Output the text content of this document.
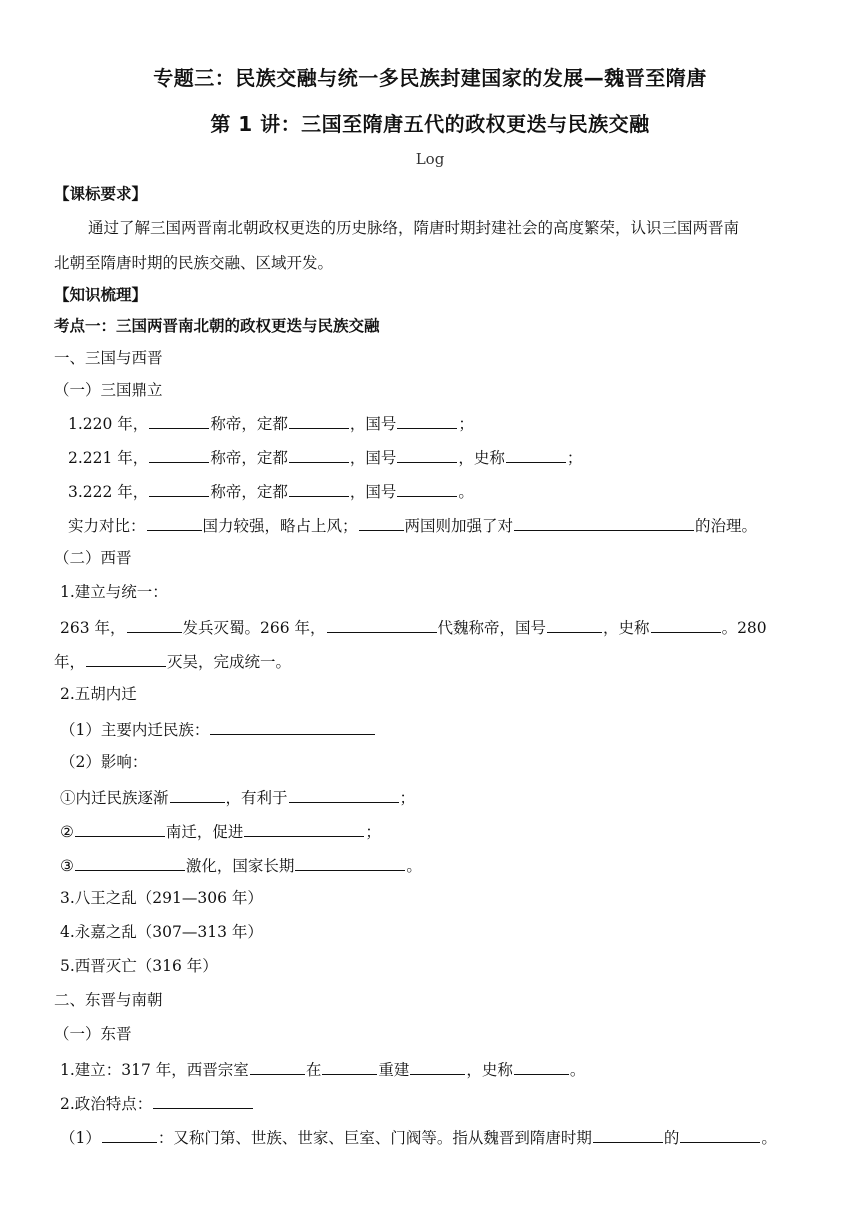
专题三：民族交融与统一多民族封建国家的发展—魏晋至隋唐
第 1 讲：三国至隋唐五代的政权更迭与民族交融
Log
【课标要求】
通过了解三国两晋南北朝政权更迭的历史脉络，隋唐时期封建社会的高度繁荣，认识三国两晋南
北朝至隋唐时期的民族交融、区域开发。
【知识梳理】
考点一：三国两晋南北朝的政权更迭与民族交融
一、三国与西晋
（一）三国鼎立
1.220 年，	称帝，定都	，国号	；
2.221 年，	称帝，定都	，国号	，史称	；
3.222 年，	称帝，定都	，国号	。
实力对比：	国力较强，略占上风；	两国则加强了对	的治理。
（二）西晋
1.建立与统一：
263 年，	发兵灭蜀。266 年，	代魏称帝，国号	，史称	。280
年，	灭吴，完成统一。
2.五胡内迁
（1）主要内迁民族：
（2）影响：
①内迁民族逐渐	，有利于	；
②	南迁，促进	；
③	激化，国家长期	。
3.八王之乱（291—306 年）
4.永嘉之乱（307—313 年）
5.西晋灭亡（316 年）
二、东晋与南朝
（一）东晋
1.建立：317 年，西晋宗室	在	重建	，史称	。
2.政治特点：
（1）	：又称门第、世族、世家、巨室、门阀等。指从魏晋到隋唐时期	的	。
